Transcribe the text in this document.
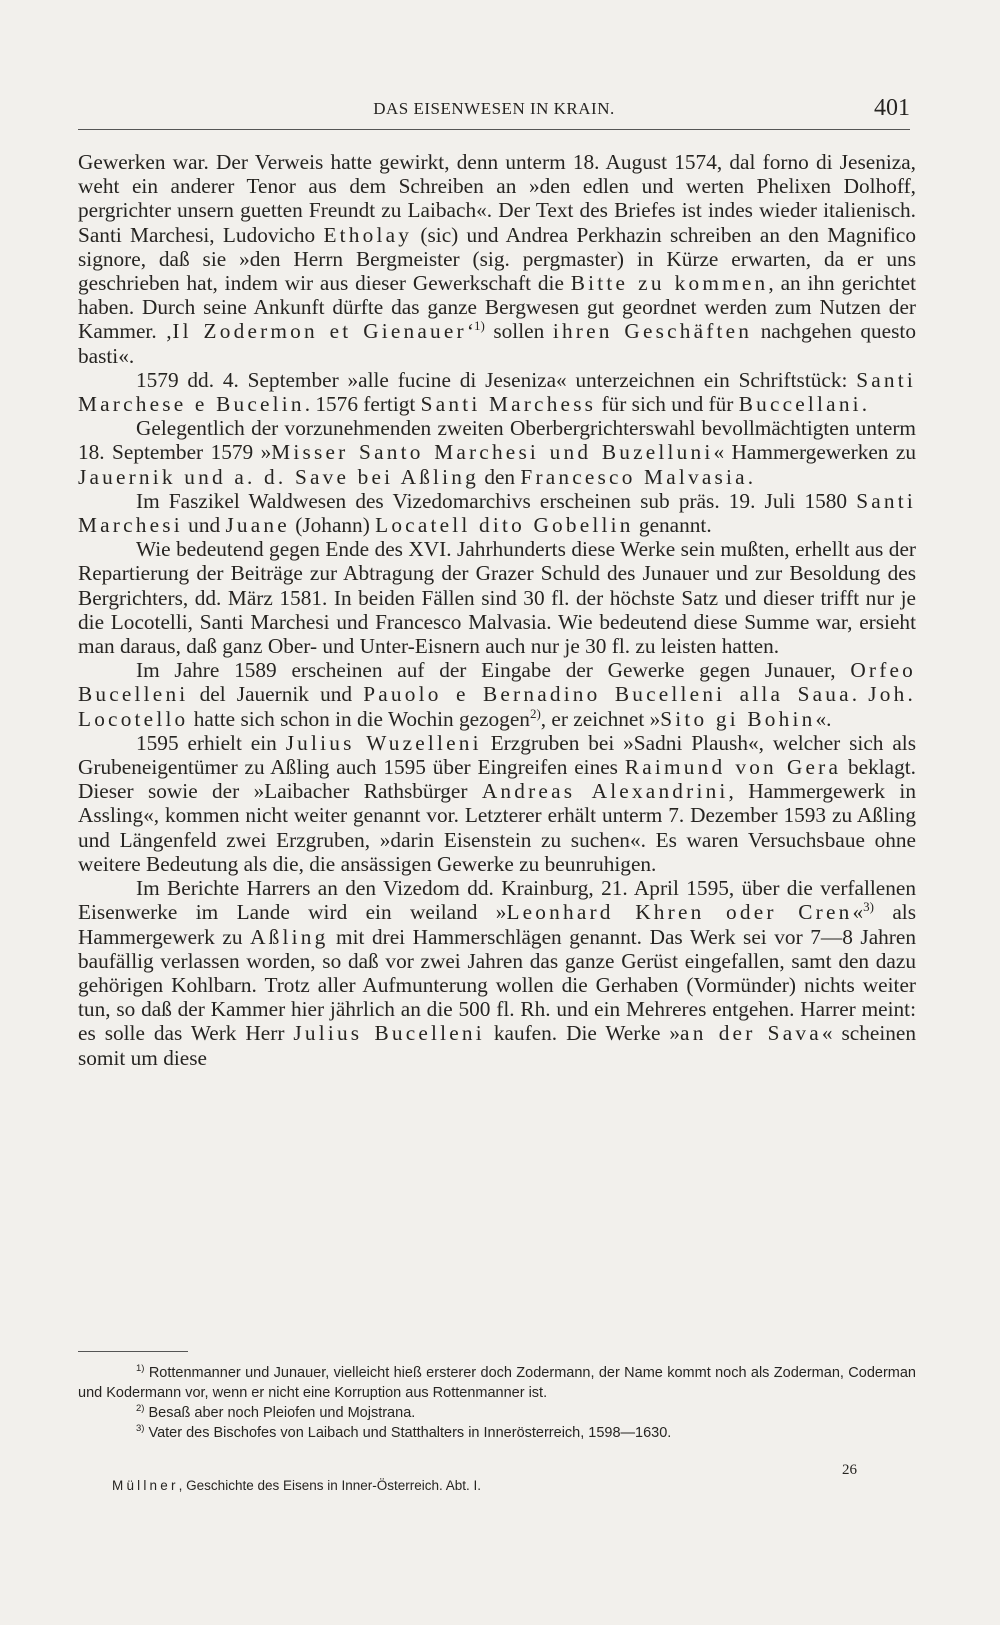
DAS EISENWESEN IN KRAIN.	401

Gewerken war. Der Verweis hatte gewirkt, denn unterm 18. August 1574, dal forno di Jeseniza, weht ein anderer Tenor aus dem Schreiben an »den edlen und werten Phelixen Dolhoff, pergrichter unsern guetten Freundt zu Laibach«. Der Text des Briefes ist indes wieder italienisch. Santi Marchesi, Ludovicho Etholay (sic) und Andrea Perkhazin schreiben an den Magnifico signore, daß sie »den Herrn Bergmeister (sig. pergmaster) in Kürze erwarten, da er uns geschrieben hat, indem wir aus dieser Gewerkschaft die Bitte zu kommen, an ihn gerichtet haben. Durch seine Ankunft dürfte das ganze Bergwesen gut geordnet werden zum Nutzen der Kammer. ‚Il Zodermon et Gienauer‘$^{1)}$ sollen ihren Geschäften nachgehen questo basti«.

1579 dd. 4. September »alle fucine di Jeseniza« unterzeichnen ein Schriftstück: Santi Marchese e Bucelin. 1576 fertigt Santi Marchess für sich und für Buccellani.

Gelegentlich der vorzunehmenden zweiten Oberbergrichterswahl bevollmächtigten unterm 18. September 1579 »Misser Santo Marchesi und Buzelluni« Hammergewerken zu Jauernik und a. d. Save bei Aßling den Francesco Malvasia.

Im Faszikel Waldwesen des Vizedomarchivs erscheinen sub präs. 19. Juli 1580 Santi Marchesi und Juane (Johann) Locatell dito Gobellin genannt.

Wie bedeutend gegen Ende des XVI. Jahrhunderts diese Werke sein mußten, erhellt aus der Repartierung der Beiträge zur Abtragung der Grazer Schuld des Junauer und zur Besoldung des Bergrichters, dd. März 1581. In beiden Fällen sind 30 fl. der höchste Satz und dieser trifft nur je die Locotelli, Santi Marchesi und Francesco Malvasia. Wie bedeutend diese Summe war, ersieht man daraus, daß ganz Ober- und Unter-Eisnern auch nur je 30 fl. zu leisten hatten.

Im Jahre 1589 erscheinen auf der Eingabe der Gewerke gegen Junauer, Orfeo Bucelleni del Jauernik und Pauolo e Bernadino Bucelleni alla Saua. Joh. Locotello hatte sich schon in die Wochin gezogen$^{2)}$, er zeichnet »Sito gi Bohin«.

1595 erhielt ein Julius Wuzelleni Erzgruben bei »Sadni Plaush«, welcher sich als Grubeneigentümer zu Aßling auch 1595 über Eingreifen eines Raimund von Gera beklagt. Dieser sowie der »Laibacher Rathsbürger Andreas Alexandrini, Hammergewerk in Assling«, kommen nicht weiter genannt vor. Letzterer erhält unterm 7. Dezember 1593 zu Aßling und Längenfeld zwei Erzgruben, »darin Eisenstein zu suchen«. Es waren Versuchsbaue ohne weitere Bedeutung als die, die ansässigen Gewerke zu beunruhigen.

Im Berichte Harrers an den Vizedom dd. Krainburg, 21. April 1595, über die verfallenen Eisenwerke im Lande wird ein weiland »Leonhard Khren oder Cren«$^{3)}$ als Hammergewerk zu Aßling mit drei Hammerschlägen genannt. Das Werk sei vor 7—8 Jahren baufällig verlassen worden, so daß vor zwei Jahren das ganze Gerüst eingefallen, samt den dazu gehörigen Kohlbarn. Trotz aller Aufmunterung wollen die Gerhaben (Vormünder) nichts weiter tun, so daß der Kammer hier jährlich an die 500 fl. Rh. und ein Mehreres entgehen. Harrer meint: es solle das Werk Herr Julius Bucelleni kaufen. Die Werke »an der Sava« scheinen somit um diese

$^{1)}$ Rottenmanner und Junauer, vielleicht hieß ersterer doch Zodermann, der Name kommt noch als Zoderman, Coderman und Kodermann vor, wenn er nicht eine Korruption aus Rottenmanner ist.

$^{2)}$ Besaß aber noch Pleiofen und Mojstrana.

$^{3)}$ Vater des Bischofes von Laibach und Statthalters in Innerösterreich, 1598—1630.

Müllner, Geschichte des Eisens in Inner-Österreich. Abt. I.
26
